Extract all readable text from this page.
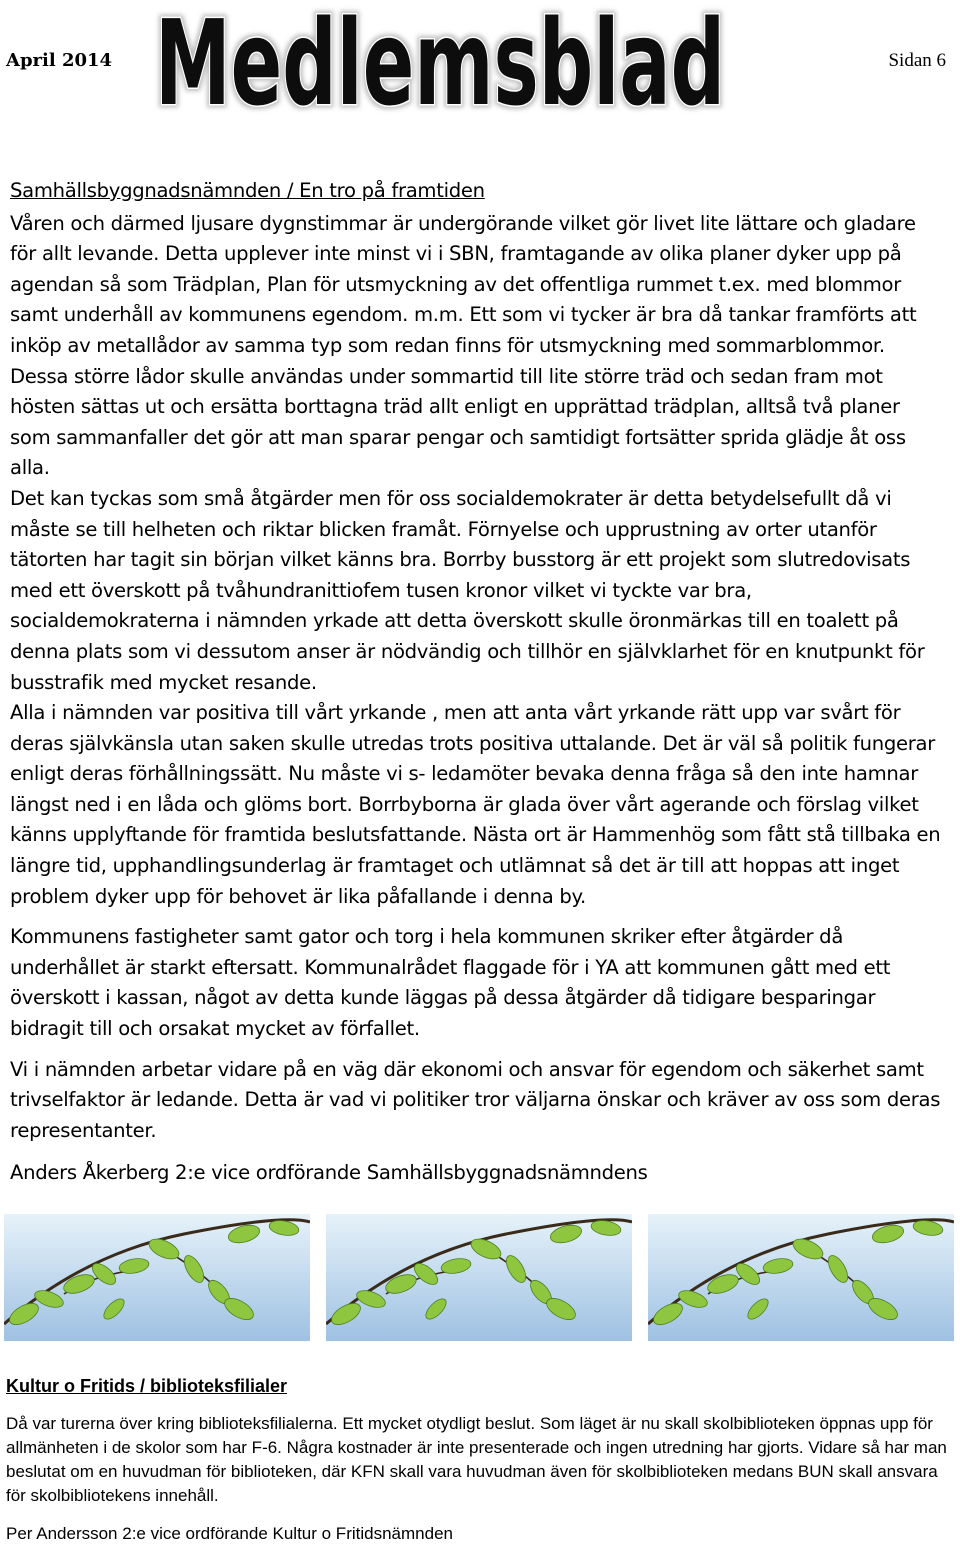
April 2014 Medlemsblad	Sidan 6
Samhällsbyggnadsnämnden / En tro på framtiden

Våren och därmed ljusare dygnstimmar är undergörande vilket gör livet lite lättare och gladare för allt levande. Detta upplever inte minst vi i SBN, framtagande av olika planer dyker upp på agendan så som Trädplan, Plan för utsmyckning av det offentliga rummet t.ex. med blommor samt underhåll av kommunens egendom. m.m. Ett som vi tycker är bra då tankar framförts att inköp av metallådor av samma typ som redan finns för utsmyckning med sommarblommor. Dessa större lådor skulle användas under sommartid till lite större träd och sedan fram mot hösten sättas ut och ersätta borttagna träd allt enligt en upprättad trädplan, alltså två planer som sammanfaller det gör att man sparar pengar och samtidigt fortsätter sprida glädje åt oss alla.

Det kan tyckas som små åtgärder men för oss socialdemokrater är detta betydelsefullt då vi måste se till helheten och riktar blicken framåt. Förnyelse och upprustning av orter utanför tätorten har tagit sin början vilket känns bra. Borrby busstorg är ett projekt som slutredovisats med ett överskott på tvåhundranittiofem tusen kronor vilket vi tyckte var bra, socialdemokraterna i nämnden yrkade att detta överskott skulle öronmärkas till en toalett på denna plats som vi dessutom anser är nödvändig och tillhör en självklarhet för en knutpunkt för busstrafik med mycket resande.

Alla i nämnden var positiva till vårt yrkande , men att anta vårt yrkande rätt upp var svårt för deras självkänsla utan saken skulle utredas trots positiva uttalande. Det är väl så politik fungerar enligt deras förhållningssätt. Nu måste vi s- ledamöter bevaka denna fråga så den inte hamnar längst ned i en låda och glöms bort. Borrbyborna är glada över vårt agerande och förslag vilket känns upplyftande för framtida beslutsfattande. Nästa ort är Hammenhög som fått stå tillbaka en längre tid, upphandlingsunderlag är framtaget och utlämnat så det är till att hoppas att inget problem dyker upp för behovet är lika påfallande i denna by.

Kommunens fastigheter samt gator och torg i hela kommunen skriker efter åtgärder då underhållet är starkt eftersatt. Kommunalrådet flaggade för i YA att kommunen gått med ett överskott i kassan, något av detta kunde läggas på dessa åtgärder då tidigare besparingar bidragit till och orsakat mycket av förfallet.

Vi i nämnden arbetar vidare på en väg där ekonomi och ansvar för egendom och säkerhet samt trivselfaktor är ledande. Detta är vad vi politiker tror väljarna önskar och kräver av oss som deras representanter.

Anders Åkerberg 2:e vice ordförande Samhällsbyggnadsnämndens

Kultur o Fritids / biblioteksfilialer

Då var turerna över kring biblioteksfilialerna. Ett mycket otydligt beslut. Som läget är nu skall skolbiblioteken öppnas upp för allmänheten i de skolor som har F-6. Några kostnader är inte presenterade och ingen utredning har gjorts. Vidare så har man beslutat om en huvudman för biblioteken, där KFN skall vara huvudman även för skolbiblioteken medans BUN skall ansvara för skolbibliotekens innehåll.

Per Andersson 2:e vice ordförande Kultur o Fritidsnämnden
